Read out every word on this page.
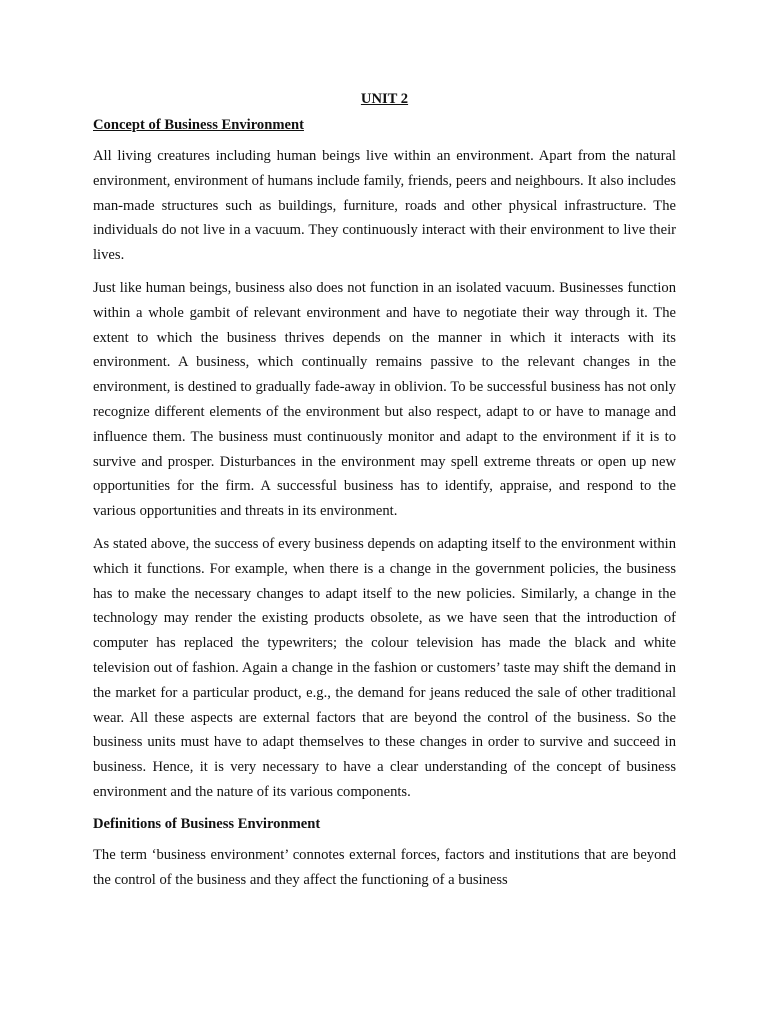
UNIT 2
Concept of Business Environment

All living creatures including human beings live within an environment. Apart from the natural environment, environment of humans include family, friends, peers and neighbours. It also includes man-made structures such as buildings, furniture, roads and other physical infrastructure. The individuals do not live in a vacuum. They continuously interact with their environment to live their lives.

Just like human beings, business also does not function in an isolated vacuum. Businesses function within a whole gambit of relevant environment and have to negotiate their way through it. The extent to which the business thrives depends on the manner in which it interacts with its environment. A business, which continually remains passive to the relevant changes in the environment, is destined to gradually fade-away in oblivion. To be successful business has not only recognize different elements of the environment but also respect, adapt to or have to manage and influence them. The business must continuously monitor and adapt to the environment if it is to survive and prosper. Disturbances in the environment may spell extreme threats or open up new opportunities for the firm. A successful business has to identify, appraise, and respond to the various opportunities and threats in its environment.

As stated above, the success of every business depends on adapting itself to the environment within which it functions. For example, when there is a change in the government policies, the business has to make the necessary changes to adapt itself to the new policies. Similarly, a change in the technology may render the existing products obsolete, as we have seen that the introduction of computer has replaced the typewriters; the colour television has made the black and white television out of fashion. Again a change in the fashion or customers’ taste may shift the demand in the market for a particular product, e.g., the demand for jeans reduced the sale of other traditional wear. All these aspects are external factors that are beyond the control of the business. So the business units must have to adapt themselves to these changes in order to survive and succeed in business. Hence, it is very necessary to have a clear understanding of the concept of business environment and the nature of its various components.

Definitions of Business Environment

The term ‘business environment’ connotes external forces, factors and institutions that are beyond the control of the business and they affect the functioning of a business
